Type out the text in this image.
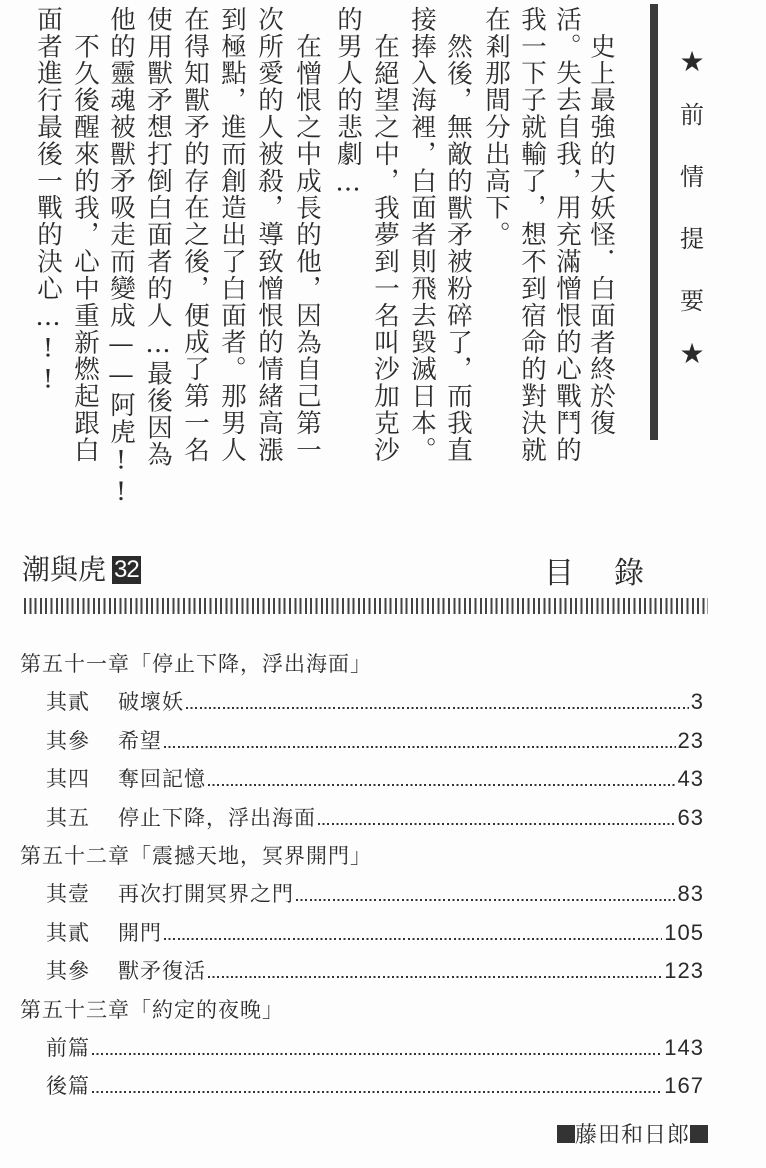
★
前
情
提
要
★
史上最強的大妖怪．白面者終於復
活。失去自我，用充滿憎恨的心戰鬥的
我一下子就輸了，想不到宿命的對決就
在剎那間分出高下。
然後，無敵的獸矛被粉碎了，而我直
接捧入海裡，白面者則飛去毀滅日本。
在絕望之中，我夢到一名叫沙加克沙
的男人的悲劇…
在憎恨之中成長的他，因為自己第一
次所愛的人被殺，導致憎恨的情緒高漲
到極點，進而創造出了白面者。那男人
在得知獸矛的存在之後，便成了第一名
使用獸矛想打倒白面者的人…最後因為
他的靈魂被獸矛吸走而變成——阿虎!!
不久後醒來的我，心中重新燃起跟白
面者進行最後一戰的決心…!!
潮與虎 32	目錄
第五十一章「停止下降，浮出海面」
其貳	破壞妖	3
其參	希望	23
其四	奪回記憶	43
其五	停止下降，浮出海面	63
第五十二章「震撼天地，冥界開門」
其壹	再次打開冥界之門	83
其貳	開門	105
其參	獸矛復活	123
第五十三章「約定的夜晚」
前篇	143
後篇	167
藤田和日郎
